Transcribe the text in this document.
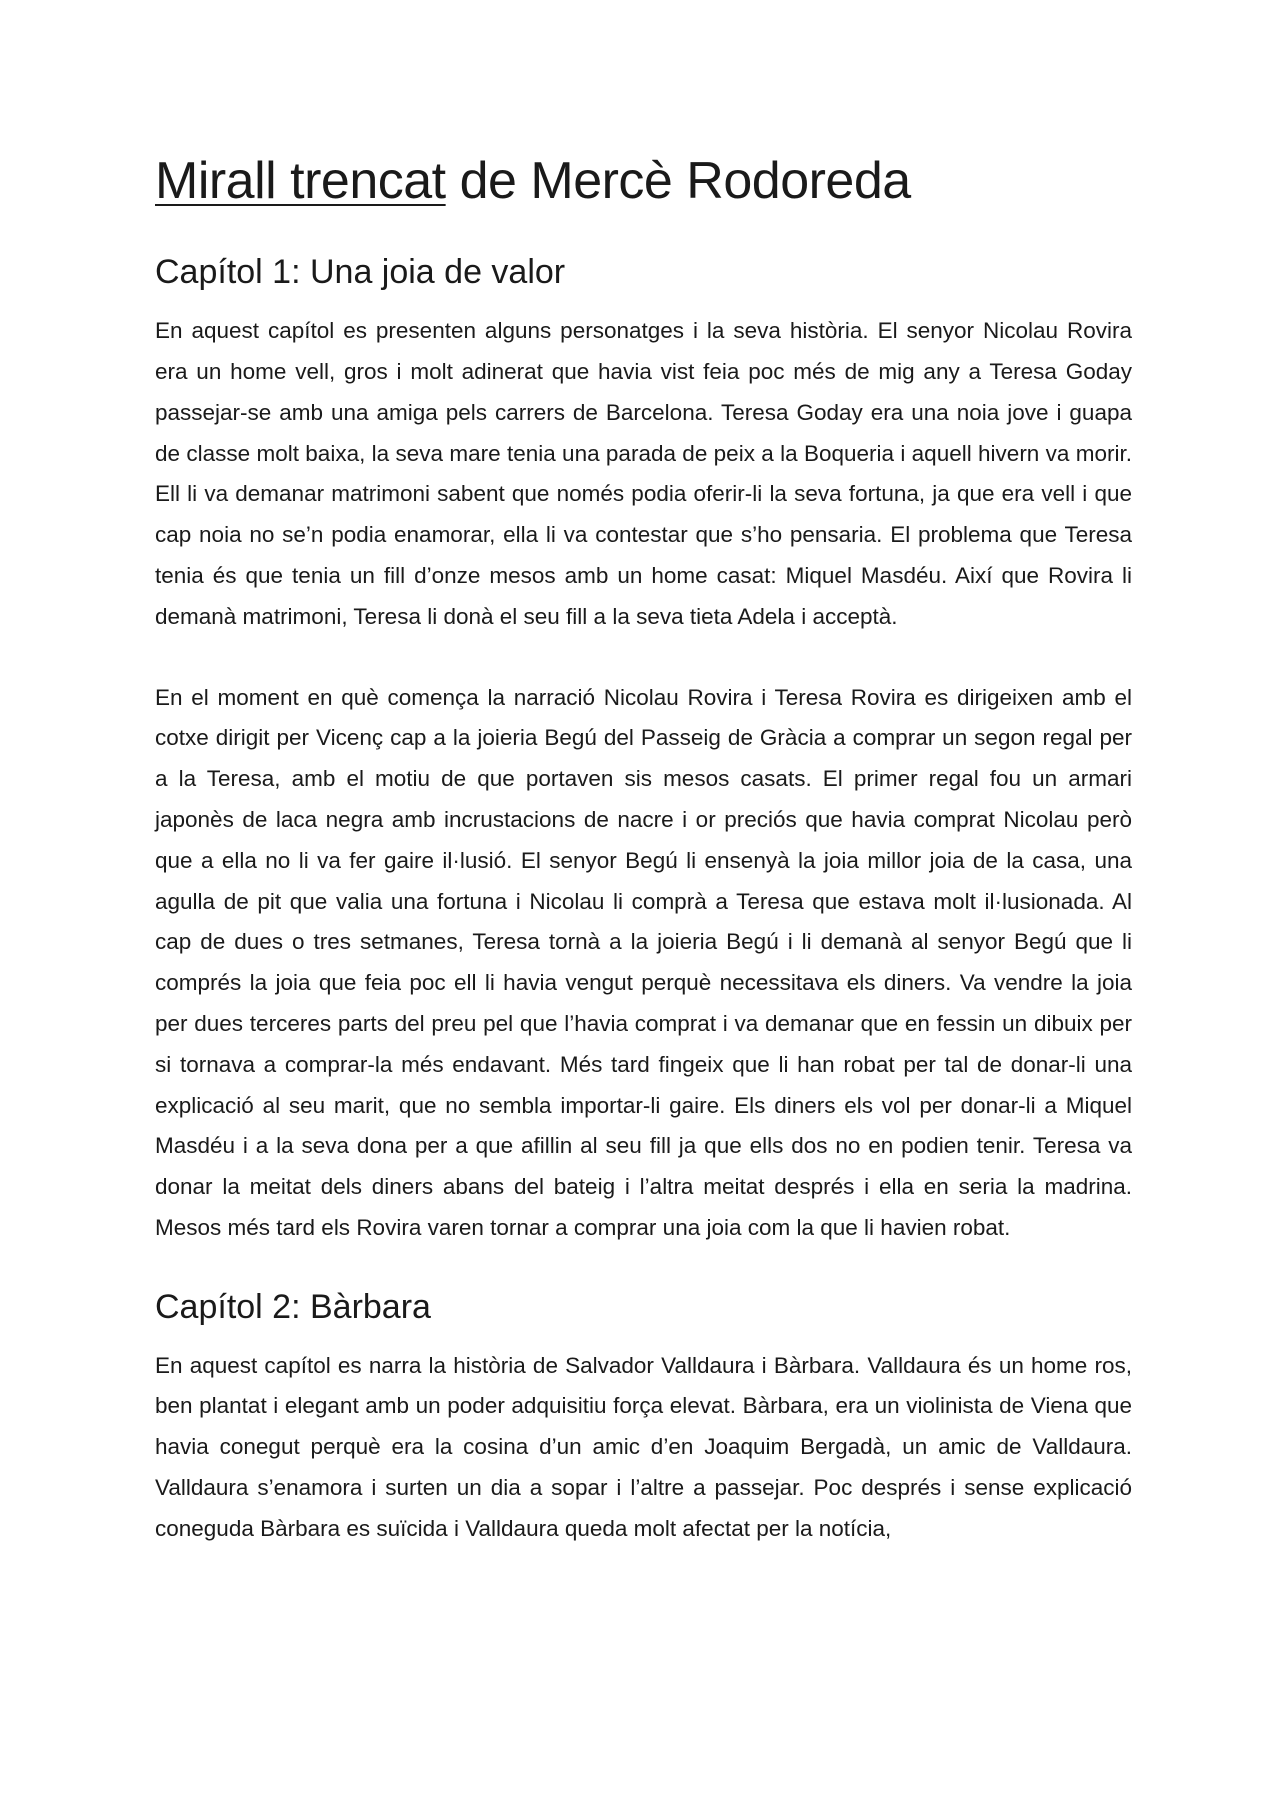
Mirall trencat de Mercè Rodoreda
Capítol 1: Una joia de valor

En aquest capítol es presenten alguns personatges i la seva història. El senyor Nicolau Rovira era un home vell, gros i molt adinerat que havia vist feia poc més de mig any a Teresa Goday passejar-se amb una amiga pels carrers de Barcelona. Teresa Goday era una noia jove i guapa de classe molt baixa, la seva mare tenia una parada de peix a la Boqueria i aquell hivern va morir. Ell li va demanar matrimoni sabent que només podia oferir-li la seva fortuna, ja que era vell i que cap noia no se’n podia enamorar, ella li va contestar que s’ho pensaria. El problema que Teresa tenia és que tenia un fill d’onze mesos amb un home casat: Miquel Masdéu. Així que Rovira li demanà matrimoni, Teresa li donà el seu fill a la seva tieta Adela i acceptà.

En el moment en què comença la narració Nicolau Rovira i Teresa Rovira es dirigeixen amb el cotxe dirigit per Vicenç cap a la joieria Begú del Passeig de Gràcia a comprar un segon regal per a la Teresa, amb el motiu de que portaven sis mesos casats. El primer regal fou un armari japonès de laca negra amb incrustacions de nacre i or preciós que havia comprat Nicolau però que a ella no li va fer gaire il·lusió. El senyor Begú li ensenyà la joia millor joia de la casa, una agulla de pit que valia una fortuna i Nicolau li comprà a Teresa que estava molt il·lusionada. Al cap de dues o tres setmanes, Teresa tornà a la joieria Begú i li demanà al senyor Begú que li comprés la joia que feia poc ell li havia vengut perquè necessitava els diners. Va vendre la joia per dues terceres parts del preu pel que l’havia comprat i va demanar que en fessin un dibuix per si tornava a comprar-la més endavant. Més tard fingeix que li han robat per tal de donar-li una explicació al seu marit, que no sembla importar-li gaire. Els diners els vol per donar-li a Miquel Masdéu i a la seva dona per a que afillin al seu fill ja que ells dos no en podien tenir. Teresa va donar la meitat dels diners abans del bateig i l’altra meitat després i ella en seria la madrina. Mesos més tard els Rovira varen tornar a comprar una joia com la que li havien robat.

Capítol 2: Bàrbara

En aquest capítol es narra la història de Salvador Valldaura i Bàrbara. Valldaura és un home ros, ben plantat i elegant amb un poder adquisitiu força elevat. Bàrbara, era un violinista de Viena que havia conegut perquè era la cosina d’un amic d’en Joaquim Bergadà, un amic de Valldaura. Valldaura s’enamora i surten un dia a sopar i l’altre a passejar. Poc després i sense explicació coneguda Bàrbara es suïcida i Valldaura queda molt afectat per la notícia,
